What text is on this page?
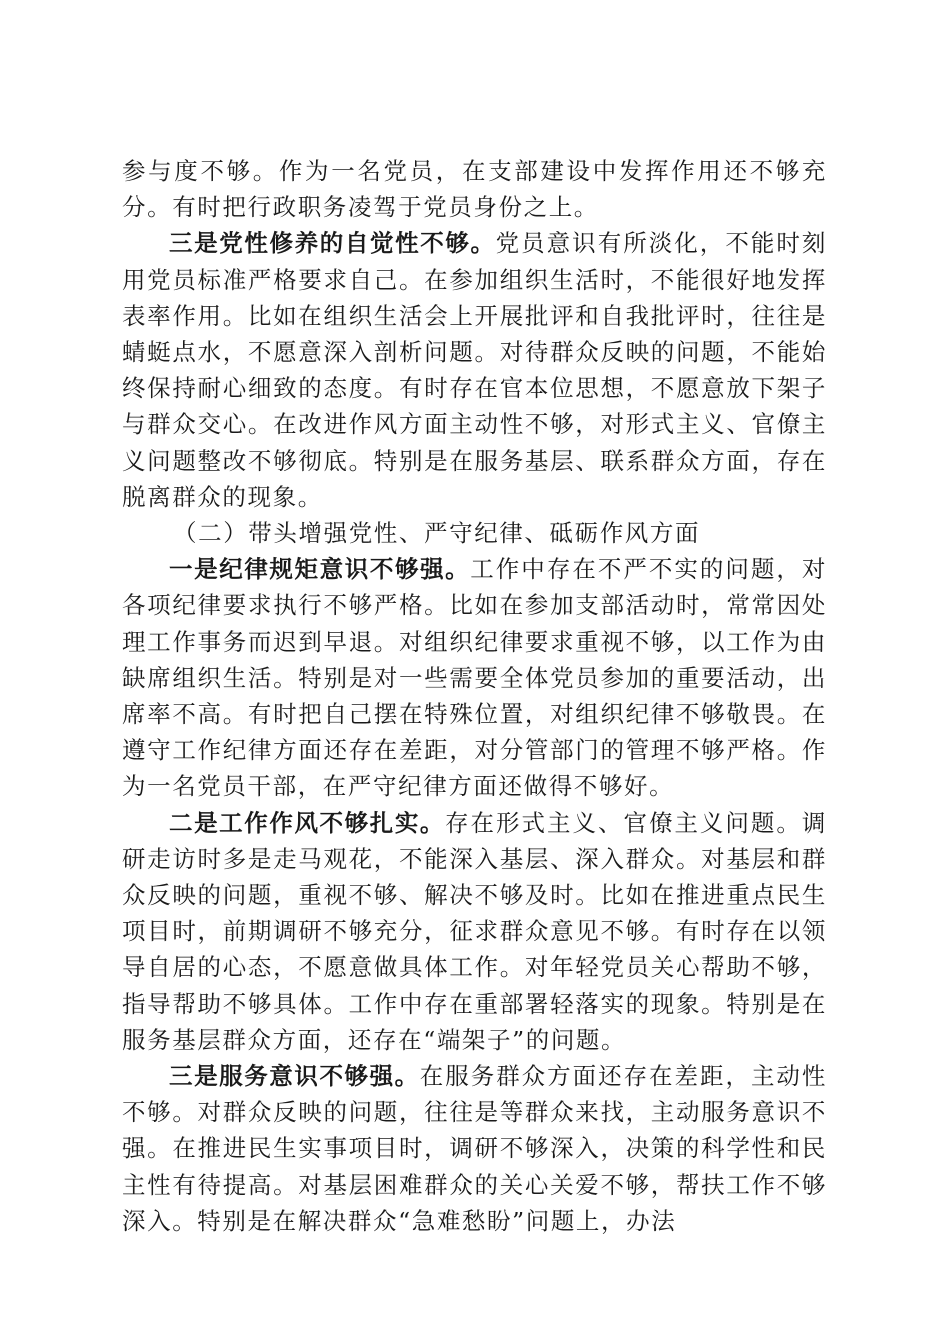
参与度不够。作为一名党员，在支部建设中发挥作用还不够充分。有时把行政职务凌驾于党员身份之上。

三是党性修养的自觉性不够。党员意识有所淡化，不能时刻用党员标准严格要求自己。在参加组织生活时，不能很好地发挥表率作用。比如在组织生活会上开展批评和自我批评时，往往是蜻蜓点水，不愿意深入剖析问题。对待群众反映的问题，不能始终保持耐心细致的态度。有时存在官本位思想，不愿意放下架子与群众交心。在改进作风方面主动性不够，对形式主义、官僚主义问题整改不够彻底。特别是在服务基层、联系群众方面，存在脱离群众的现象。

（二）带头增强党性、严守纪律、砥砺作风方面

一是纪律规矩意识不够强。工作中存在不严不实的问题，对各项纪律要求执行不够严格。比如在参加支部活动时，常常因处理工作事务而迟到早退。对组织纪律要求重视不够，以工作为由缺席组织生活。特别是对一些需要全体党员参加的重要活动，出席率不高。有时把自己摆在特殊位置，对组织纪律不够敬畏。在遵守工作纪律方面还存在差距，对分管部门的管理不够严格。作为一名党员干部，在严守纪律方面还做得不够好。

二是工作作风不够扎实。存在形式主义、官僚主义问题。调研走访时多是走马观花，不能深入基层、深入群众。对基层和群众反映的问题，重视不够、解决不够及时。比如在推进重点民生项目时，前期调研不够充分，征求群众意见不够。有时存在以领导自居的心态，不愿意做具体工作。对年轻党员关心帮助不够，指导帮助不够具体。工作中存在重部署轻落实的现象。特别是在服务基层群众方面，还存在“端架子”的问题。

三是服务意识不够强。在服务群众方面还存在差距，主动性不够。对群众反映的问题，往往是等群众来找，主动服务意识不强。在推进民生实事项目时，调研不够深入，决策的科学性和民主性有待提高。对基层困难群众的关心关爱不够，帮扶工作不够深入。特别是在解决群众“急难愁盼”问题上，办法
